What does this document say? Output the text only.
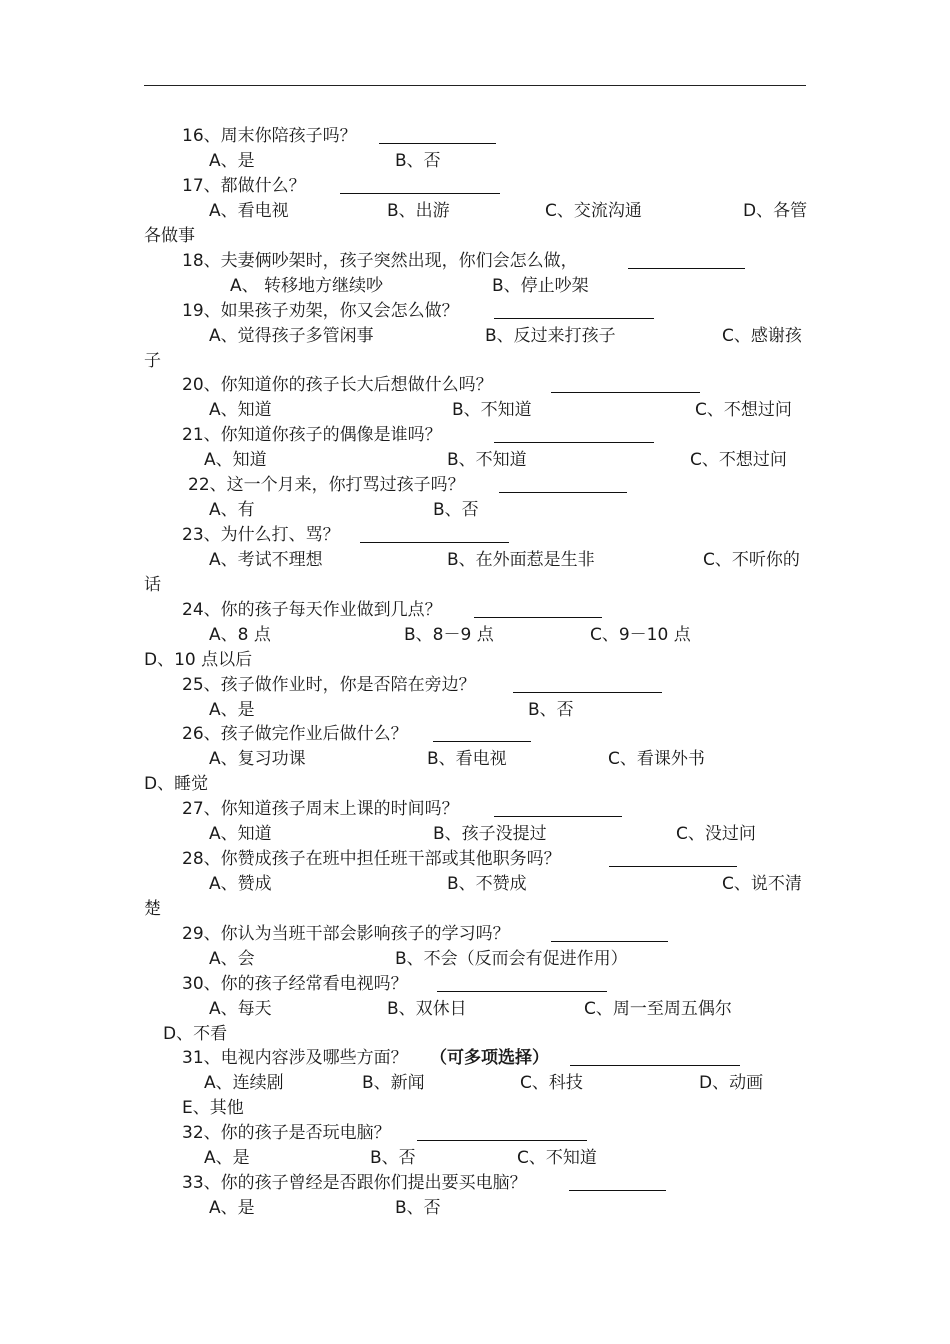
16、周末你陪孩子吗？
A、是	B、否
17、都做什么？
A、看电视	B、出游	C、交流沟通	D、各管
各做事
18、夫妻俩吵架时，孩子突然出现，你们会怎么做，
A、 转移地方继续吵	B、停止吵架
19、如果孩子劝架，你又会怎么做？
A、觉得孩子多管闲事	B、反过来打孩子	C、感谢孩
子
20、你知道你的孩子长大后想做什么吗？
A、知道	B、不知道	C、不想过问
21、你知道你孩子的偶像是谁吗？
A、知道	B、不知道	C、不想过问
22、这一个月来，你打骂过孩子吗？
A、有	B、否
23、为什么打、骂？
A、考试不理想	B、在外面惹是生非	C、不听你的
话
24、你的孩子每天作业做到几点？
A、8 点	B、8－9 点	C、9－10 点
D、10 点以后
25、孩子做作业时，你是否陪在旁边？
A、是	B、否
26、孩子做完作业后做什么？
A、复习功课	B、看电视	C、看课外书
D、睡觉
27、你知道孩子周末上课的时间吗？
A、知道	B、孩子没提过	C、没过问
28、你赞成孩子在班中担任班干部或其他职务吗？
A、赞成	B、不赞成	C、说不清
楚
29、你认为当班干部会影响孩子的学习吗？
A、会	B、不会（反而会有促进作用）
30、你的孩子经常看电视吗？
A、每天	B、双休日	C、周一至周五偶尔
D、不看
31、电视内容涉及哪些方面？ （可多项选择）
A、连续剧	B、新闻	C、科技	D、动画
E、其他
32、你的孩子是否玩电脑？
A、是	B、否	C、不知道
33、你的孩子曾经是否跟你们提出要买电脑？
A、是	B、否
